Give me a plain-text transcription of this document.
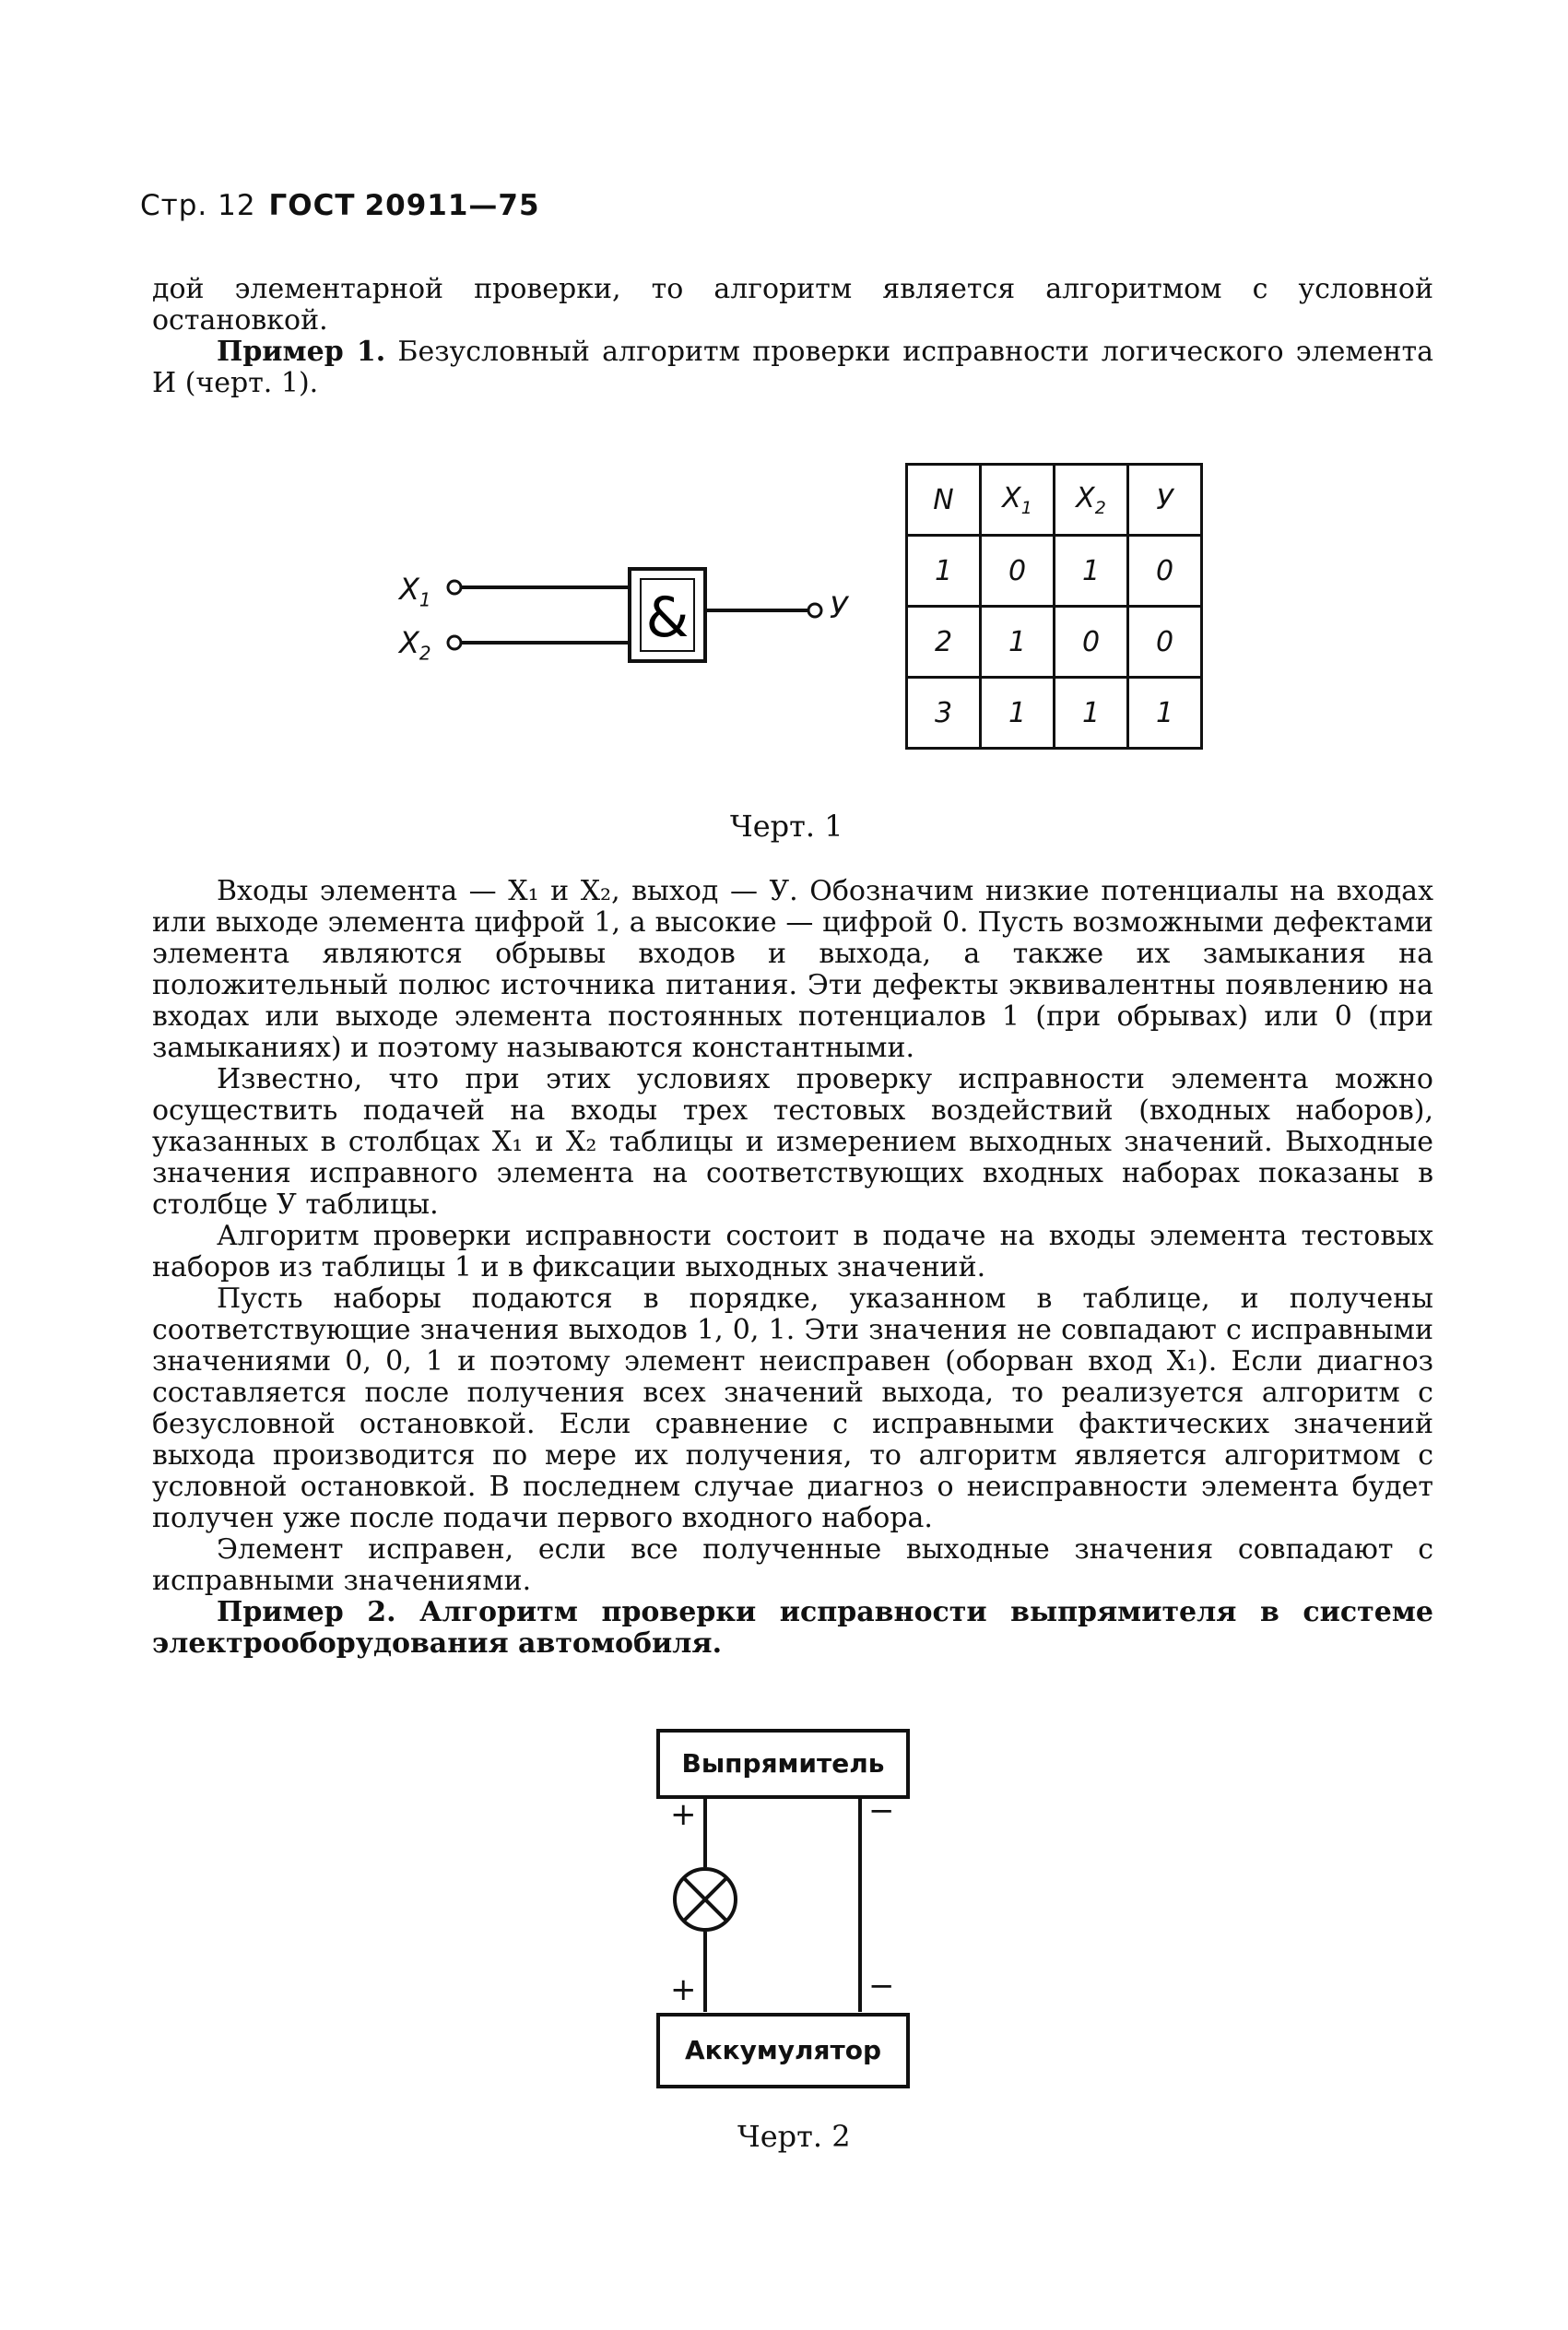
Стр. 12 ГОСТ 20911—75

дой элементарной проверки, то алгоритм является алгоритмом с условной остановкой.

Пример 1. Безусловный алгоритм проверки исправности логического элемента И (черт. 1).

&
$X_1$
$X_2$
У
N	$X_1$	$X_2$	У
1	0	1	0
2	1	0	0
3	1	1	1
Черт. 1

Входы элемента — X₁ и X₂, выход — У. Обозначим низкие потенциалы на входах или выходе элемента цифрой 1, а высокие — цифрой 0. Пусть возможными дефектами элемента являются обрывы входов и выхода, а также их замыкания на положительный полюс источника питания. Эти дефекты эквивалентны появлению на входах или выходе элемента постоянных потенциалов 1 (при обрывах) или 0 (при замыканиях) и поэтому называются константными.

Известно, что при этих условиях проверку исправности элемента можно осуществить подачей на входы трех тестовых воздействий (входных наборов), указанных в столбцах X₁ и X₂ таблицы и измерением выходных значений. Выходные значения исправного элемента на соответствующих входных наборах показаны в столбце У таблицы.

Алгоритм проверки исправности состоит в подаче на входы элемента тестовых наборов из таблицы 1 и в фиксации выходных значений.

Пусть наборы подаются в порядке, указанном в таблице, и получены соответствующие значения выходов 1, 0, 1. Эти значения не совпадают с исправными значениями 0, 0, 1 и поэтому элемент неисправен (оборван вход X₁). Если диагноз составляется после получения всех значений выхода, то реализуется алгоритм с безусловной остановкой. Если сравнение с исправными фактических значений выхода производится по мере их получения, то алгоритм является алгоритмом с условной остановкой. В последнем случае диагноз о неисправности элемента будет получен уже после подачи первого входного набора.

Элемент исправен, если все полученные выходные значения совпадают с исправными значениями.

Пример 2. Алгоритм проверки исправности выпрямителя в системе электрооборудования автомобиля.

Выпрямитель
Аккумулятор
+	−
+	−
Черт. 2
